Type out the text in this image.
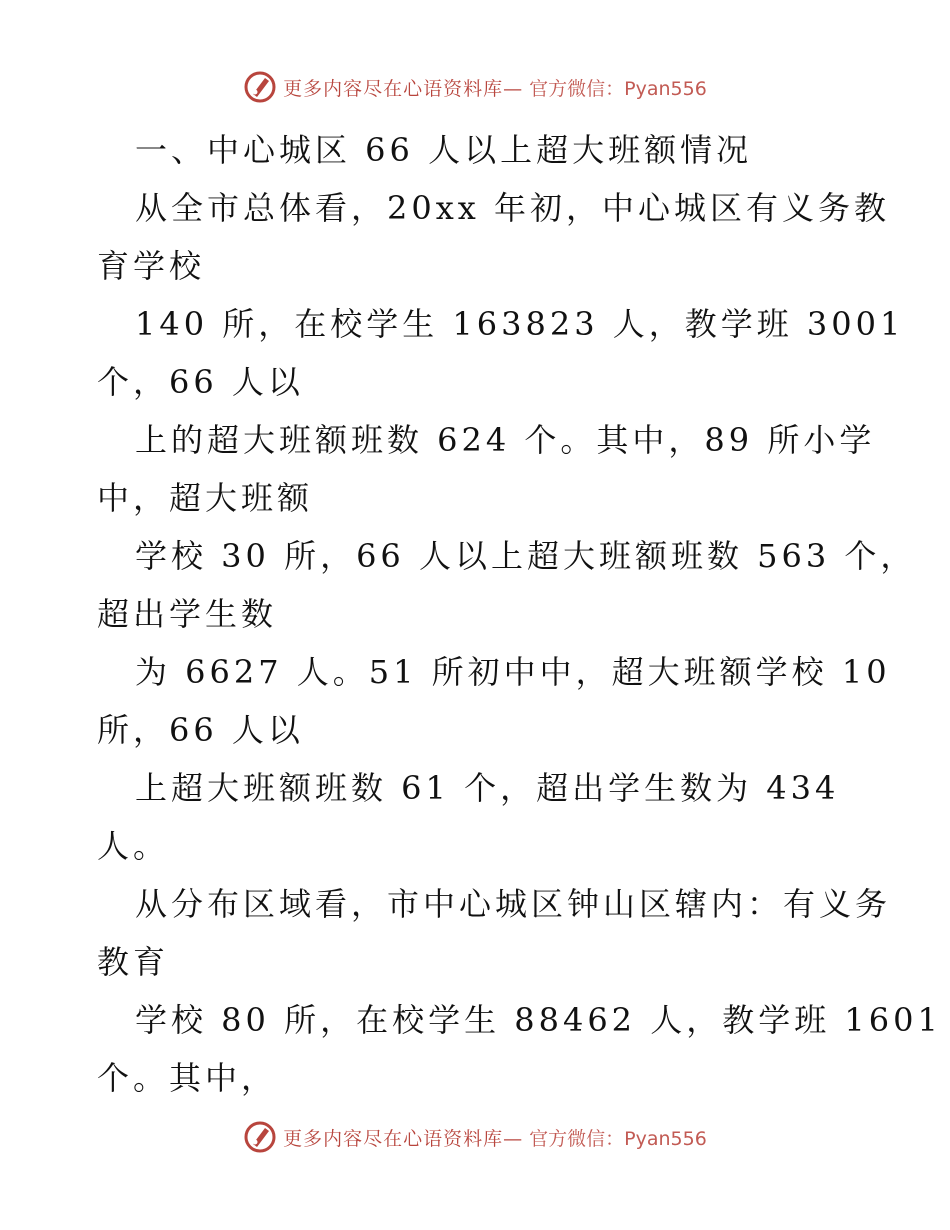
更多内容尽在心语资料库— 官方微信：Pyan556
一、中心城区 66 人以上超大班额情况
从全市总体看，20xx 年初，中心城区有义务教
育学校
140 所，在校学生 163823 人，教学班 3001
个，66 人以
上的超大班额班数 624 个。其中，89 所小学
中，超大班额
学校 30 所，66 人以上超大班额班数 563 个，
超出学生数
为 6627 人。51 所初中中，超大班额学校 10
所，66 人以
上超大班额班数 61 个，超出学生数为 434
人。
从分布区域看，市中心城区钟山区辖内：有义务
教育
学校 80 所，在校学生 88462 人，教学班 1601
个。其中，
更多内容尽在心语资料库— 官方微信：Pyan556
